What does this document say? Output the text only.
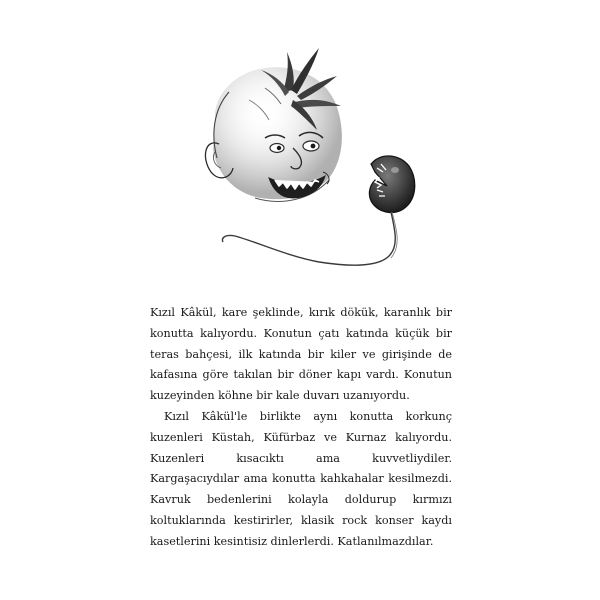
Kızıl Kâkül, kare şeklinde, kırık dökük, karanlık bir konutta kalıyordu. Konutun çatı katında küçük bir teras bahçesi, ilk katında bir kiler ve girişinde de kafasına göre takılan bir döner kapı vardı. Konutun kuzeyinden köhne bir kale duvarı uzanıyordu.

Kızıl Kâkül'le birlikte aynı konutta korkunç kuzenleri Küstah, Küfürbaz ve Kurnaz kalıyordu. Kuzenleri kısacıktı ama kuvvetliydiler. Kargaşacıydılar ama konutta kahkahalar kesilmezdi. Kavruk bedenlerini kolayla doldurup kırmızı koltuklarında kestirirler, klasik rock konser kaydı kasetlerini kesintisiz dinlerlerdi. Katlanılmazdılar.
